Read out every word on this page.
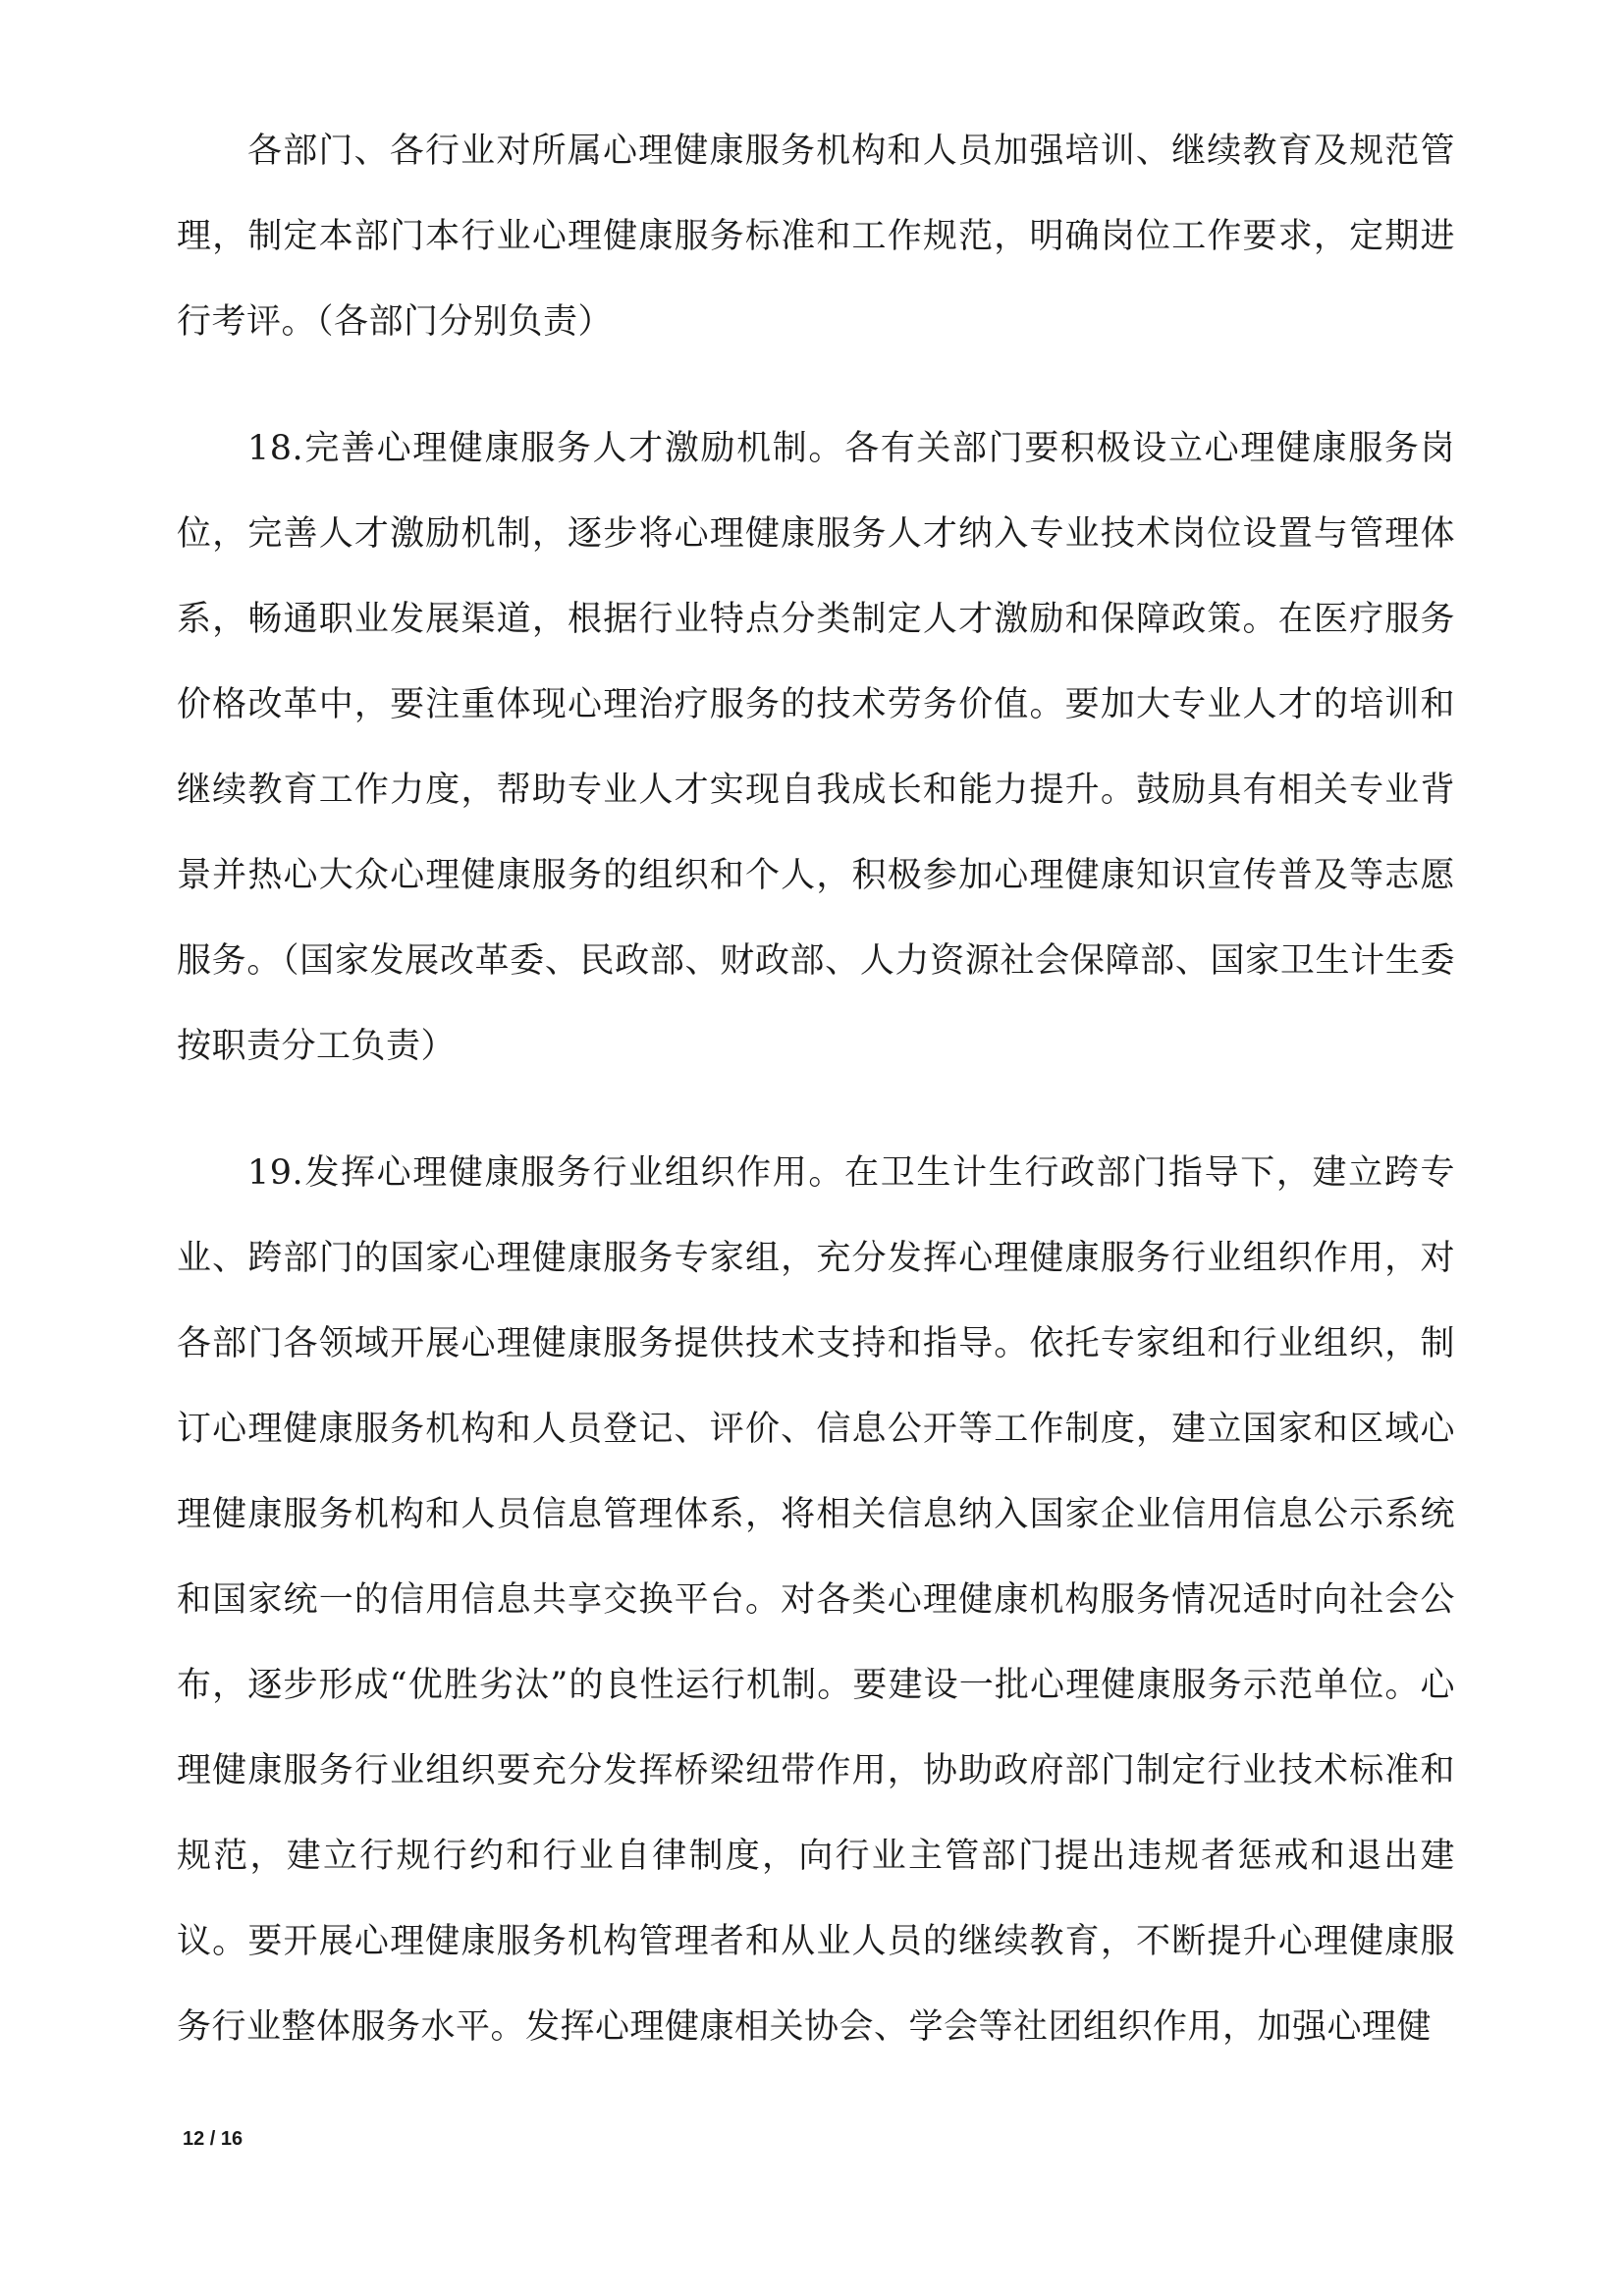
各部门、各行业对所属心理健康服务机构和人员加强培训、继续教育及规范管理，制定本部门本行业心理健康服务标准和工作规范，明确岗位工作要求，定期进行考评。（各部门分别负责）

18.完善心理健康服务人才激励机制。各有关部门要积极设立心理健康服务岗位，完善人才激励机制，逐步将心理健康服务人才纳入专业技术岗位设置与管理体系，畅通职业发展渠道，根据行业特点分类制定人才激励和保障政策。在医疗服务价格改革中，要注重体现心理治疗服务的技术劳务价值。要加大专业人才的培训和继续教育工作力度，帮助专业人才实现自我成长和能力提升。鼓励具有相关专业背景并热心大众心理健康服务的组织和个人，积极参加心理健康知识宣传普及等志愿服务。（国家发展改革委、民政部、财政部、人力资源社会保障部、国家卫生计生委按职责分工负责）

19.发挥心理健康服务行业组织作用。在卫生计生行政部门指导下，建立跨专业、跨部门的国家心理健康服务专家组，充分发挥心理健康服务行业组织作用，对各部门各领域开展心理健康服务提供技术支持和指导。依托专家组和行业组织，制订心理健康服务机构和人员登记、评价、信息公开等工作制度，建立国家和区域心理健康服务机构和人员信息管理体系，将相关信息纳入国家企业信用信息公示系统和国家统一的信用信息共享交换平台。对各类心理健康机构服务情况适时向社会公布，逐步形成“优胜劣汰”的良性运行机制。要建设一批心理健康服务示范单位。心理健康服务行业组织要充分发挥桥梁纽带作用，协助政府部门制定行业技术标准和规范，建立行规行约和行业自律制度，向行业主管部门提出违规者惩戒和退出建议。要开展心理健康服务机构管理者和从业人员的继续教育，不断提升心理健康服务行业整体服务水平。发挥心理健康相关协会、学会等社团组织作用，加强心理健

12 / 16
